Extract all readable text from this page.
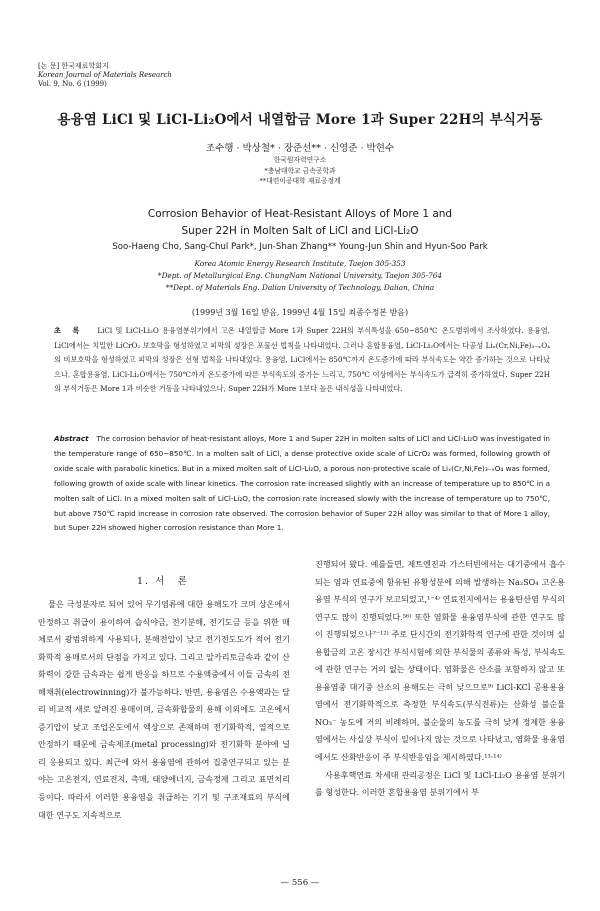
[논 문] 한국재료학회지
Korean Journal of Materials Research
Vol. 9, No. 6 (1999)
용융염 LiCl 및 LiCl-Li₂O에서 내열합금 More 1과 Super 22H의 부식거동
조수행 · 박상철* · 장준선** · 신영준 · 박현수
한국원자력연구소
*충남대학교 금속공학과
**대련이공대학 재료공정계
Corrosion Behavior of Heat-Resistant Alloys of More 1 and
Super 22H in Molten Salt of LiCl and LiCl-Li₂O
Soo-Haeng Cho, Sang-Chul Park*, Jun-Shan Zhang** Young-Jun Shin and Hyun-Soo Park
Korea Atomic Energy Research Institute, Taejon 305-353
*Dept. of Metallurgical Eng. ChungNam National University, Taejon 305-764
**Dept. of Materials Eng. Dalian University of Technology, Dalian, China
(1999년 3월 16일 받음, 1999년 4월 15일 최종수정본 받음)
초 록 LiCl 및 LiCl-Li₂O 용융염분위기에서 고온 내열합금 More 1과 Super 22H의 부식특성을 650~850℃ 온도범위에서 조사하였다. 용융염, LiCl에서는 치밀한 LiCrO₂ 보호막을 형성하였고 피막의 성장은 포물선 법칙을 나타내었다. 그러나 혼합용융염, LiCl-Li₂O에서는 다공성 Liₓ(Cr,Ni,Fe)₃₋ₓO₄의 비보호막을 형성하였고 피막의 성장은 선형 법칙을 나타내었다. 용융염, LiCl에서는 850℃까지 온도증가에 따라 부식속도는 약간 증가하는 것으로 나타났으나. 혼합용융염, LiCl-Li₂O에서는 750℃까지 온도증가에 따른 부식속도의 증가는 느리고, 750℃ 이상에서는 부식속도가 급격히 증가하였다. Super 22H의 부식거동은 More 1과 비슷한 거동을 나타내었으나, Super 22H가 More 1보다 높은 내식성을 나타내었다.
Abstract The corrosion behavior of heat-resistant alloys, More 1 and Super 22H in molten salts of LiCl and LiCl-Li₂O was investigated in the temperature range of 650~850℃. In a molten salt of LiCl, a dense protective oxide scale of LiCrO₂ was formed, following growth of oxide scale with parabolic kinetics. But in a mixed molten salt of LiCl-Li₂O, a porous non-protective scale of Liₓ(Cr,Ni,Fe)₃₋ₓO₄ was formed, following growth of oxide scale with linear kinetics. The corrosion rate increased slightly with an increase of temperature up to 850℃ in a molten salt of LiCl. In a mixed molten salt of LiCl-Li₂O, the corrosion rate increased slowly with the increase of temperature up to 750℃, but above 750℃ rapid increase in corrosion rate observed. The corrosion behavior of Super 22H alloy was similar to that of More 1 alloy, but Super 22H showed higher corrosion resistance than More 1.
1. 서　론

물은 극성분자로 되어 있어 무기염류에 대한 용해도가 크며 상온에서 안정하고 취급이 용이하여 습식야금, 전기분해, 전기도금 등을 위한 매체로서 광범위하게 사용되나, 분해전압이 낮고 전기전도도가 적어 전기화학적 용매로서의 단점을 가지고 있다. 그리고 알카리토금속과 같이 산화력이 강한 금속과는 쉽게 반응을 하므로 수용액중에서 이들 금속의 전해채취(electrowinning)가 불가능하다. 반면, 용융염은 수용액과는 달리 비교적 새로 알려진 용매이며, 금속화합물의 용해 이외에도 고온에서 증기압이 낮고 조업온도에서 액상으로 존재하며 전기화학적, 열적으로 안정하기 때문에 금속제조(metal processing)와 전기화학 분야에 널리 응용되고 있다. 최근에 와서 용융염에 관하여 집중연구되고 있는 분야는 고온전지, 연료전지, 촉매, 태양에너지, 금속정제 그리고 표면처리 등이다. 따라서 이러한 용융염을 취급하는 기기 및 구조재료의 부식에 대한 연구도 지속적으로

진행되어 왔다. 예를들면, 제트엔진과 가스터빈에서는 대기중에서 흡수되는 염과 연료중에 함유된 유황성분에 의해 발생하는 Na₂SO₄ 고온용융염 부식의 연구가 보고되었고,¹⁻⁴⁾ 연료전지에서는 용융탄산염 부식의 연구도 많이 진행되었다.⁵⁶⁾ 또한 염화물 용융염부식에 관한 연구도 많이 진행되었으나⁷⁻¹²⁾ 주로 단시간의 전기화학적 연구에 관한 것이며 실용합금의 고온 장시간 부식시험에 의한 부식물의 종류와 특성, 부식속도에 관한 연구는 거의 없는 상태이다. 염화물은 산소를 포함하지 않고 또 용융염중 대기중 산소의 용해도는 극히 낮으므로⁹⁾ LiCl-KCl 공용용융염에서 전기화학적으로 측정한 부식속도(부식전류)는 산화성 불순물 NO₃⁻ 농도에 거의 비례하며, 불순물의 농도를 극히 낮게 정제한 용융염에서는 사실상 부식이 일어나지 않는 것으로 나타났고, 염화물 용융염에서도 산화반응이 주 부식반응임을 제시하였다.¹³·¹⁴⁾

사용후핵연료 차세대 관리공정은 LiCl 및 LiCl-Li₂O 용융염 분위기를 형성한다. 이러한 혼합용융염 분위기에서 부

— 556 —
